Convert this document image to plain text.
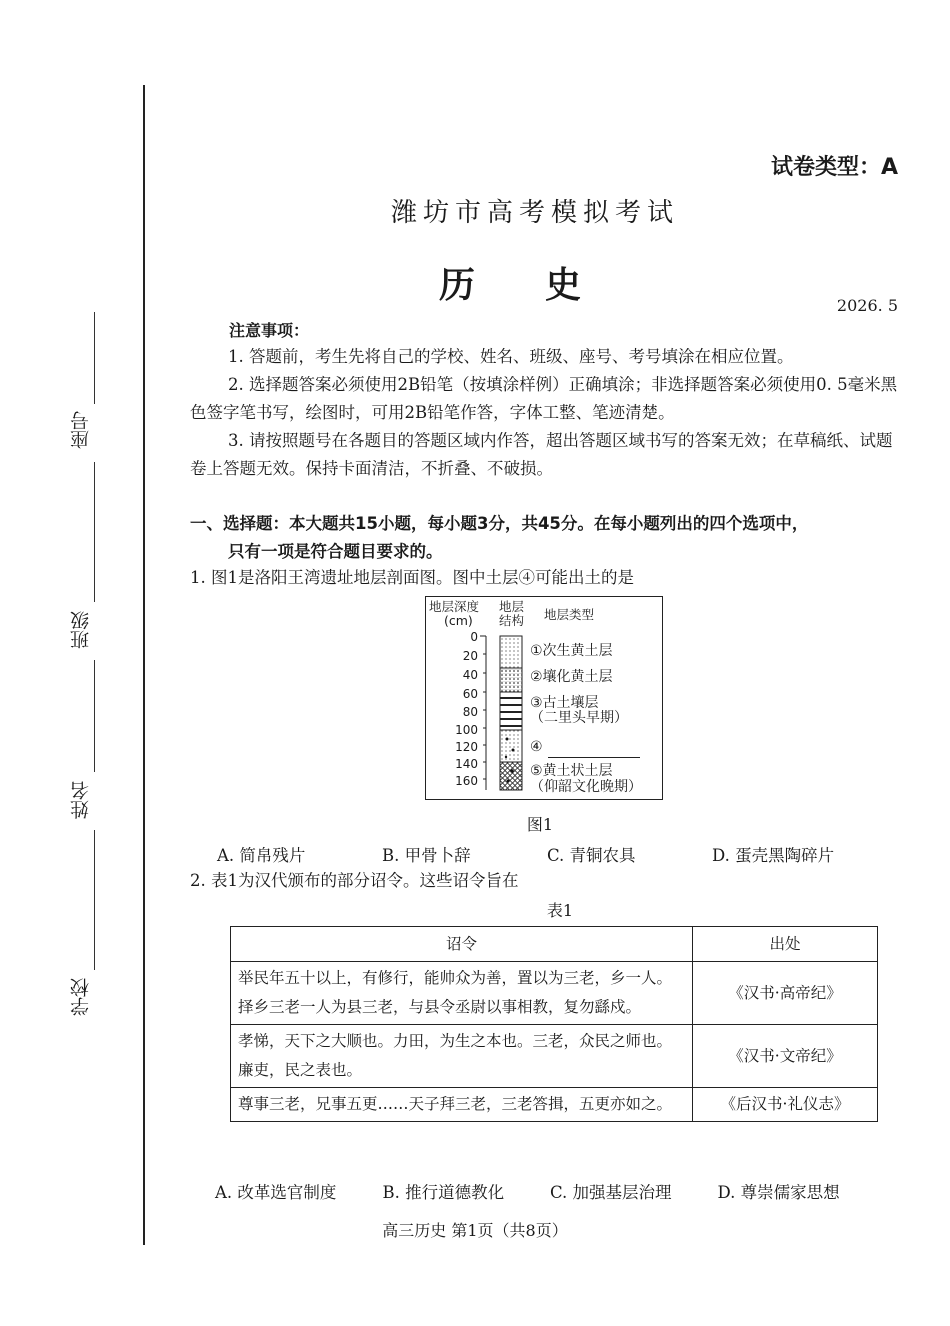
座号
班级
姓名
学校
试卷类型：A
潍坊市高考模拟考试
历史	2026. 5
注意事项：
1. 答题前，考生先将自己的学校、姓名、班级、座号、考号填涂在相应位置。
2. 选择题答案必须使用2B铅笔（按填涂样例）正确填涂；非选择题答案必须使用0. 5毫米黑色签字笔书写，绘图时，可用2B铅笔作答，字体工整、笔迹清楚。
3. 请按照题号在各题目的答题区域内作答，超出答题区域书写的答案无效；在草稿纸、试题卷上答题无效。保持卡面清洁，不折叠、不破损。
一、选择题：本大题共15小题，每小题3分，共45分。在每小题列出的四个选项中，
只有一项是符合题目要求的。
1. 图1是洛阳王湾遗址地层剖面图。图中土层④可能出土的是
地层深度
(cm)
地层
结构 地层类型
0
20
40
60
80
100
120
140
160
①次生黄土层
②壤化黄土层
③古土壤层
（二里头早期）
④
⑤黄土状土层
（仰韶文化晚期）
图1
A. 简帛残片	B. 甲骨卜辞	C. 青铜农具	D. 蛋壳黑陶碎片
2. 表1为汉代颁布的部分诏令。这些诏令旨在
表1
诏令	出处
举民年五十以上，有修行，能帅众为善，置以为三老，乡一人。择乡三老一人为县三老，与县令丞尉以事相教，复勿繇戍。	《汉书·高帝纪》
孝悌，天下之大顺也。力田，为生之本也。三老，众民之师也。廉吏，民之表也。	《汉书·文帝纪》
尊事三老，兄事五更……天子拜三老，三老答揖，五更亦如之。	《后汉书·礼仪志》
A. 改革选官制度	B. 推行道德教化	C. 加强基层治理	D. 尊崇儒家思想
高三历史 第1页（共8页）
